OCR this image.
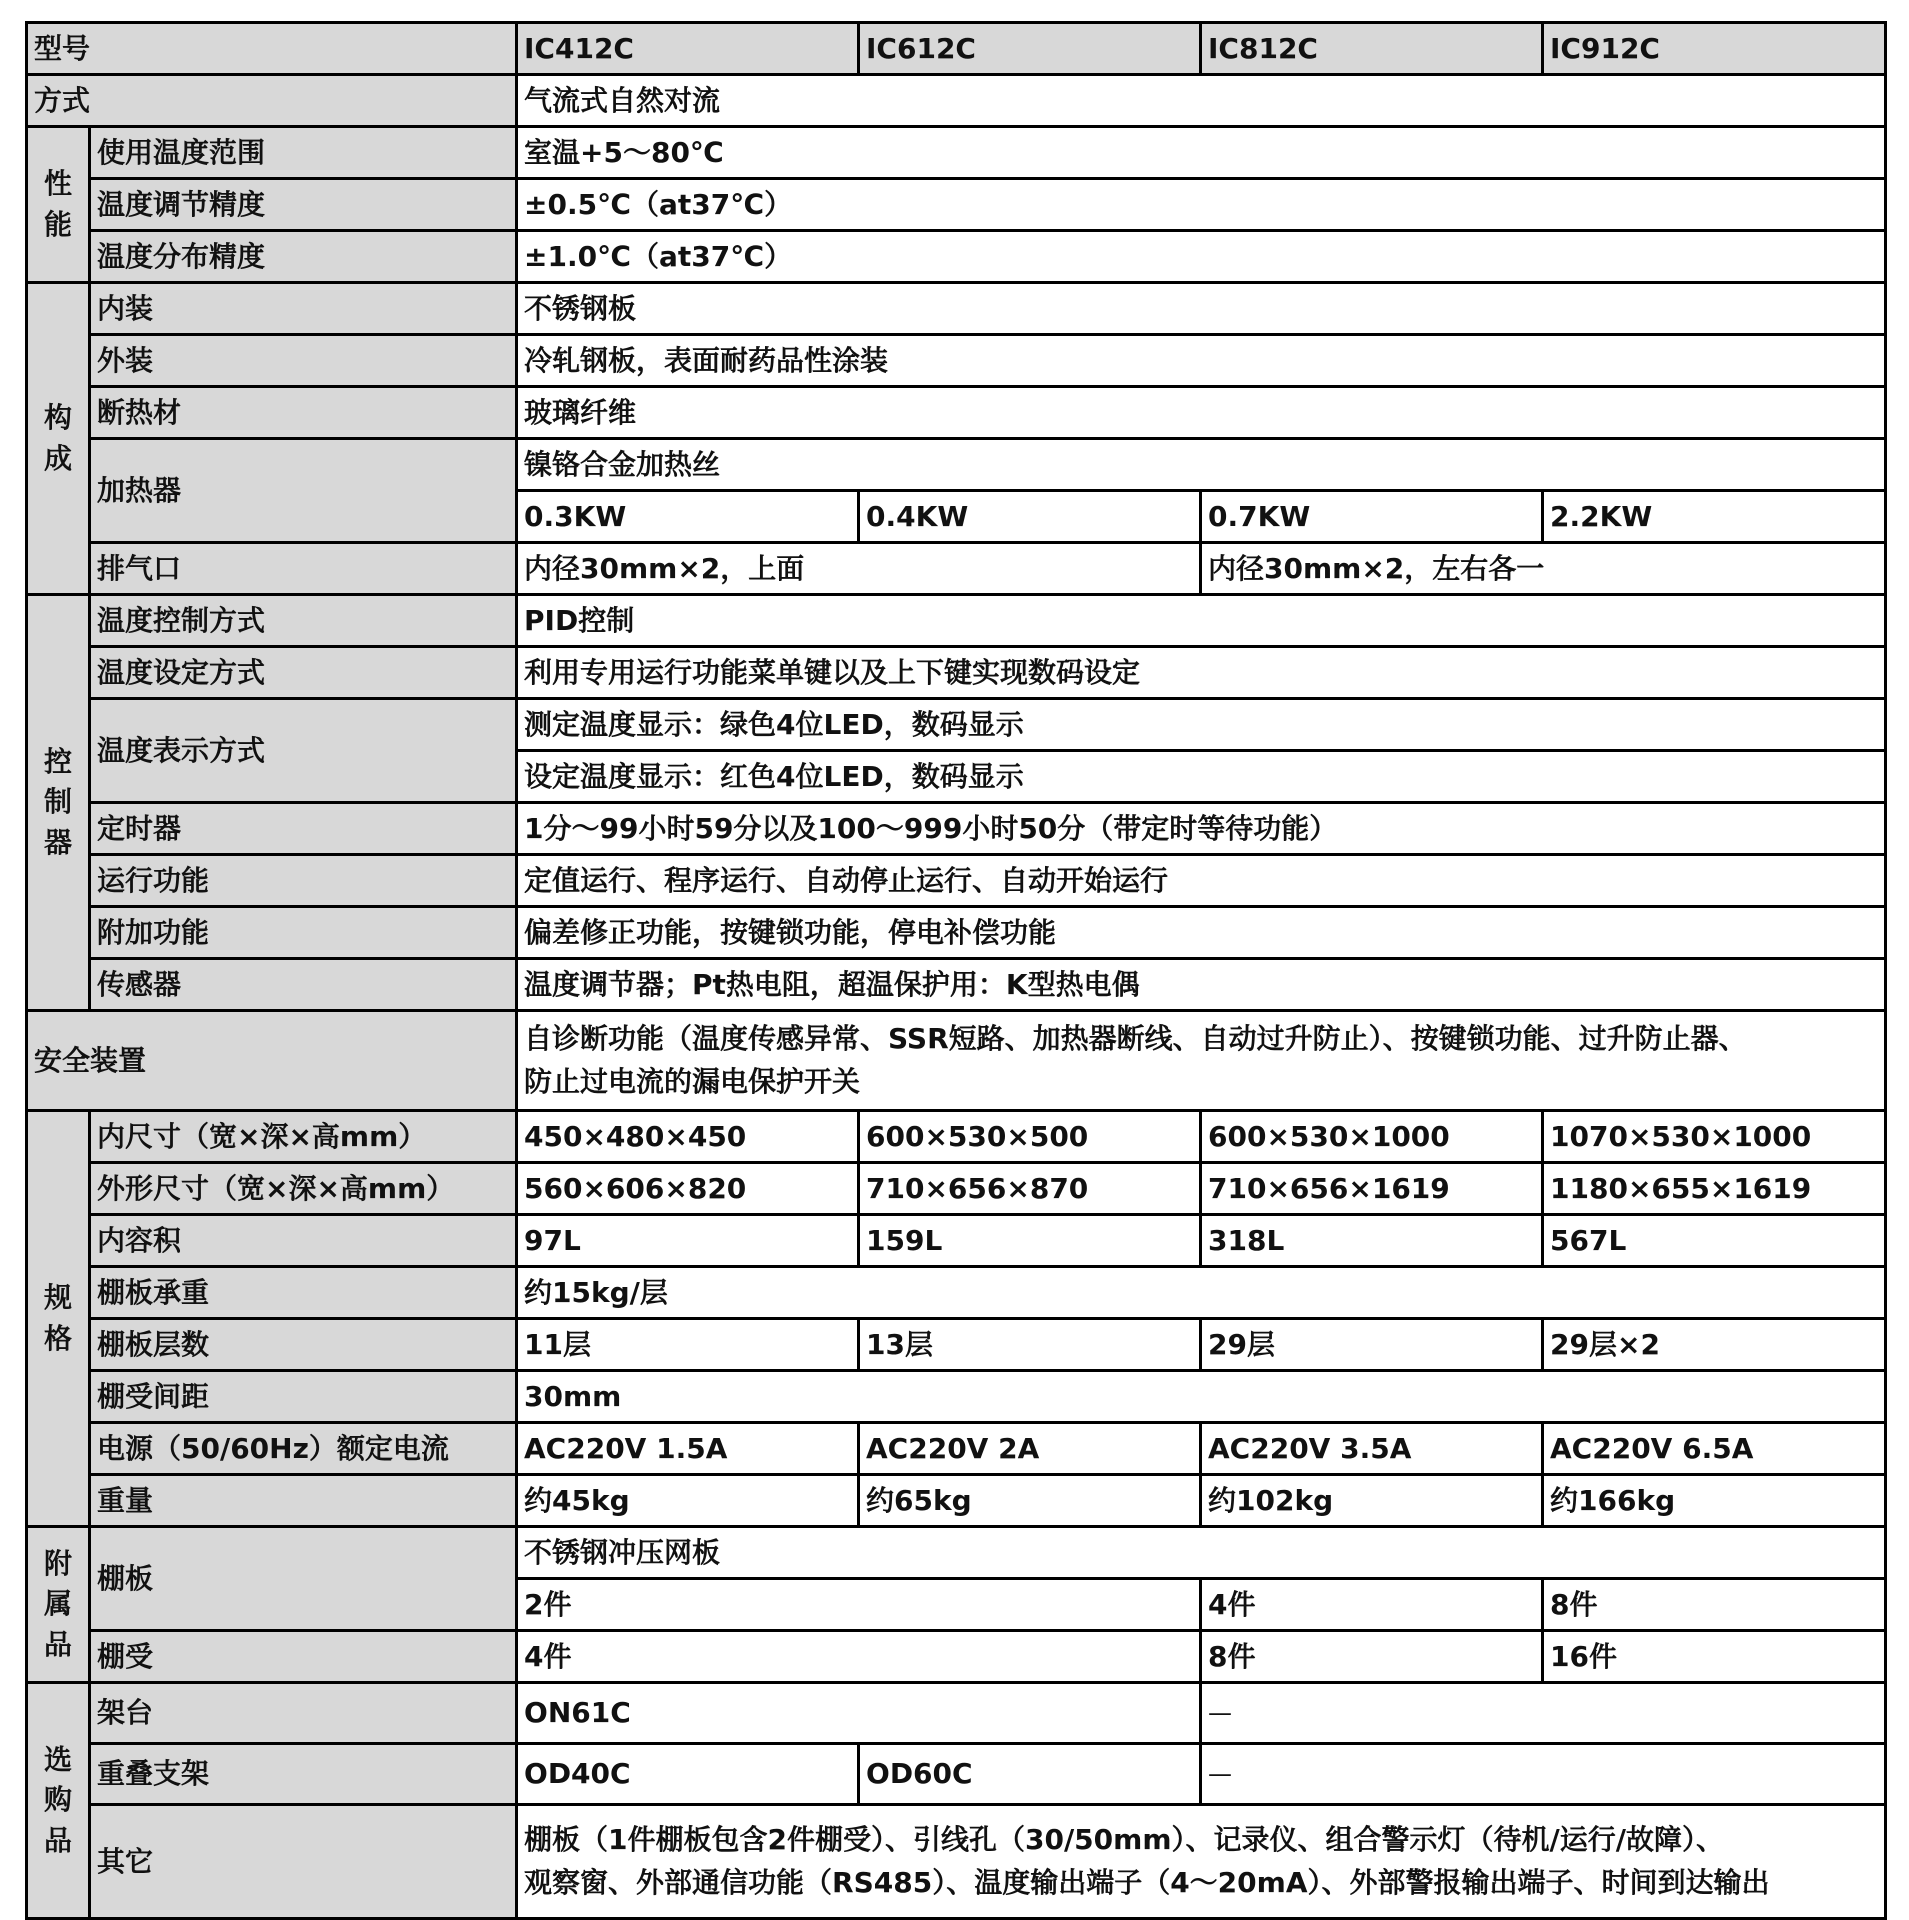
型号		IC412C	IC612C	IC812C	IC912C
方式		气流式自然对流			

性
能	使用温度范围	室温+5～80℃			
	温度调节精度	±0.5℃（at37℃）			
	温度分布精度	±1.0℃（at37℃）			

构
成	内装	不锈钢板			
	外装	冷轧钢板，表面耐药品性涂装			
	断热材	玻璃纤维			
	加热器	镍铬合金加热丝			
		0.3KW	0.4KW	0.7KW	2.2KW
	排气口	内径30mm×2，上面		内径30mm×2，左右各一	

控
制
器	温度控制方式	PID控制			
	温度设定方式	利用专用运行功能菜单键以及上下键实现数码设定			
	温度表示方式	测定温度显示：绿色4位LED，数码显示			
		设定温度显示：红色4位LED，数码显示			
	定时器	1分～99小时59分以及100～999小时50分（带定时等待功能）			
	运行功能	定值运行、程序运行、自动停止运行、自动开始运行			
	附加功能	偏差修正功能，按键锁功能，停电补偿功能			
	传感器	温度调节器；Pt热电阻，超温保护用：K型热电偶			
安全装置		自诊断功能（温度传感异常、SSR短路、加热器断线、自动过升防止）、按键锁功能、过升防止器、
防止过电流的漏电保护开关			

规
格	内尺寸（宽×深×高mm）	450×480×450	600×530×500	600×530×1000	1070×530×1000
	外形尺寸（宽×深×高mm）	560×606×820	710×656×870	710×656×1619	1180×655×1619
	内容积	97L	159L	318L	567L
	棚板承重	约15kg/层			
	棚板层数	11层	13层	29层	29层×2
	棚受间距	30mm			
	电源（50/60Hz）额定电流	AC220V 1.5A	AC220V 2A	AC220V 3.5A	AC220V 6.5A
	重量	约45kg	约65kg	约102kg	约166kg

附
属
品	棚板	不锈钢冲压网板			
		2件		4件	8件
	棚受	4件		8件	16件

选
购
品	架台	ON61C		—	
	重叠支架	OD40C	OD60C	—	
	其它	棚板（1件棚板包含2件棚受）、引线孔（30/50mm）、记录仪、组合警示灯（待机/运行/故障）、
观察窗、外部通信功能（RS485）、温度输出端子（4～20mA）、外部警报输出端子、时间到达输出			
